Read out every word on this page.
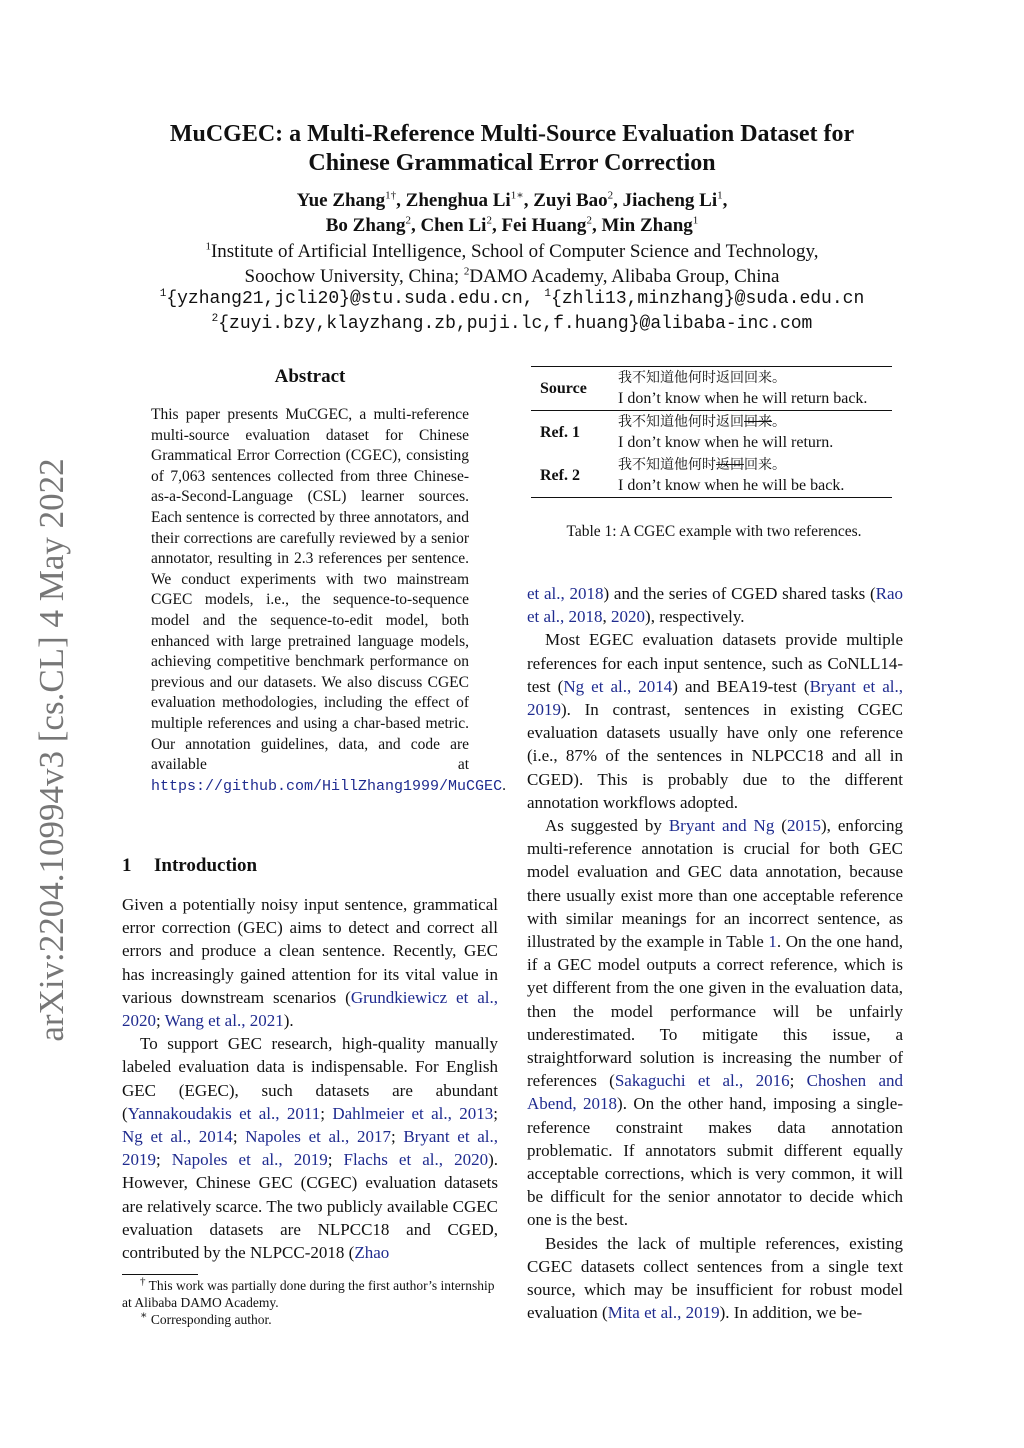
MuCGEC: a Multi-Reference Multi-Source Evaluation Dataset for
Chinese Grammatical Error Correction
Yue Zhang$^{1\dagger}$, Zhenghua $Li^{1∗}$, Zuyi Bao$^2$, Jiacheng Li$^1$,
Bo Zhang$^2$, Chen Li$^2$, Fei Huang$^2$, Min Zhang$^1$
$^1$Institute of Artificial Intelligence, School of Computer Science and Technology,
Soochow University, China; $^2$DAMO Academy, Alibaba Group, China
$^1${yzhang21,jcli20}@stu.suda.edu.cn, $^1${zhli13,minzhang}@suda.edu.cn
$^2${zuyi.bzy,klayzhang.zb,puji.lc,f.huang}@alibaba-inc.com
arXiv:2204.10994v3 [cs.CL] 4 May 2022
Abstract
This paper presents MuCGEC, a multi-reference multi-source evaluation dataset for Chinese Grammatical Error Correction (CGEC), consisting of 7,063 sentences collected from three Chinese-as-a-Second-Language (CSL) learner sources. Each sentence is corrected by three annotators, and their corrections are carefully reviewed by a senior annotator, resulting in 2.3 references per sentence. We conduct experiments with two mainstream CGEC models, i.e., the sequence-to-sequence model and the sequence-to-edit model, both enhanced with large pretrained language models, achieving competitive benchmark performance on previous and our datasets. We also discuss CGEC evaluation methodologies, including the effect of multiple references and using a char-based metric. Our annotation guidelines, data, and code are available at https://github.com/HillZhang1999/MuCGEC.
1 Introduction

Given a potentially noisy input sentence, grammatical error correction (GEC) aims to detect and correct all errors and produce a clean sentence. Recently, GEC has increasingly gained attention for its vital value in various downstream scenarios (Grundkiewicz et al., 2020; Wang et al., 2021).

To support GEC research, high-quality manually labeled evaluation data is indispensable. For English GEC (EGEC), such datasets are abundant (Yannakoudakis et al., 2011; Dahlmeier et al., 2013; Ng et al., 2014; Napoles et al., 2017; Bryant et al., 2019; Napoles et al., 2019; Flachs et al., 2020). However, Chinese GEC (CGEC) evaluation datasets are relatively scarce. The two publicly available CGEC evaluation datasets are NLPCC18 and CGED, contributed by the NLPCC-2018 (Zhao

† This work was partially done during the first author’s internship at Alibaba DAMO Academy.

∗ Corresponding author.

Source	我不知道他何时返回回来。
I don’t know when he will return back.

Ref. 1	我不知道他何时返回回来。
I don’t know when he will return.

Ref. 2	我不知道他何时返回回来。
I don’t know when he will be back.
Table 1: A CGEC example with two references.

et al., 2018) and the series of CGED shared tasks (Rao et al., 2018, 2020), respectively.

Most EGEC evaluation datasets provide multiple references for each input sentence, such as CoNLL14-test (Ng et al., 2014) and BEA19-test (Bryant et al., 2019). In contrast, sentences in existing CGEC evaluation datasets usually have only one reference (i.e., 87% of the sentences in NLPCC18 and all in CGED). This is probably due to the different annotation workflows adopted.

As suggested by Bryant and Ng (2015), enforcing multi-reference annotation is crucial for both GEC model evaluation and GEC data annotation, because there usually exist more than one acceptable reference with similar meanings for an incorrect sentence, as illustrated by the example in Table 1. On the one hand, if a GEC model outputs a correct reference, which is yet different from the one given in the evaluation data, then the model performance will be unfairly underestimated. To mitigate this issue, a straightforward solution is increasing the number of references (Sakaguchi et al., 2016; Choshen and Abend, 2018). On the other hand, imposing a single-reference constraint makes data annotation problematic. If annotators submit different equally acceptable corrections, which is very common, it will be difficult for the senior annotator to decide which one is the best.

Besides the lack of multiple references, existing CGEC datasets collect sentences from a single text source, which may be insufficient for robust model evaluation (Mita et al., 2019). In addition, we be-
